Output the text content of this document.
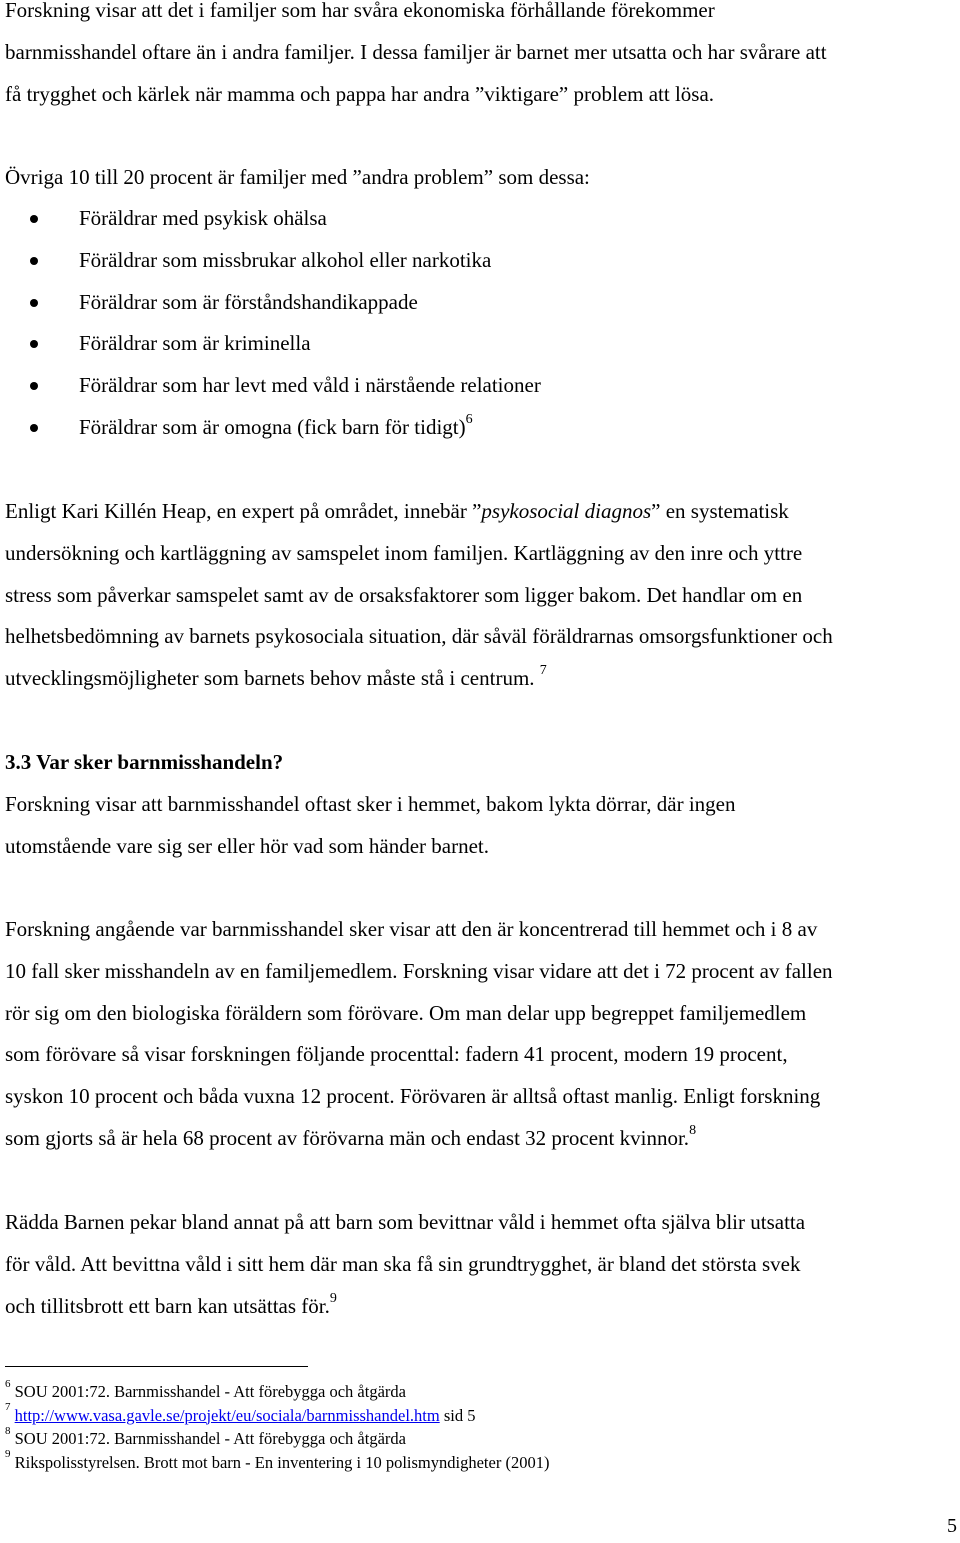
Forskning visar att det i familjer som har svåra ekonomiska förhållande förekommer
barnmisshandel oftare än i andra familjer. I dessa familjer är barnet mer utsatta och har svårare att
få trygghet och kärlek när mamma och pappa har andra ”viktigare” problem att lösa.

Övriga 10 till 20 procent är familjer med ”andra problem” som dessa:

Föräldrar med psykisk ohälsa
Föräldrar som missbrukar alkohol eller narkotika
Föräldrar som är förståndshandikappade
Föräldrar som är kriminella
Föräldrar som har levt med våld i närstående relationer
Föräldrar som är omogna (fick barn för tidigt)$^6$

Enligt Kari Killén Heap, en expert på området, innebär ”psykosocial diagnos” en systematisk
undersökning och kartläggning av samspelet inom familjen. Kartläggning av den inre och yttre
stress som påverkar samspelet samt av de orsaksfaktorer som ligger bakom. Det handlar om en
helhetsbedömning av barnets psykosociala situation, där såväl föräldrarnas omsorgsfunktioner och
utvecklingsmöjligheter som barnets behov måste stå i centrum. $^7$

3.3 Var sker barnmisshandeln?

Forskning visar att barnmisshandel oftast sker i hemmet, bakom lykta dörrar, där ingen
utomstående vare sig ser eller hör vad som händer barnet.

Forskning angående var barnmisshandel sker visar att den är koncentrerad till hemmet och i 8 av
10 fall sker misshandeln av en familjemedlem. Forskning visar vidare att det i 72 procent av fallen
rör sig om den biologiska föräldern som förövare. Om man delar upp begreppet familjemedlem
som förövare så visar forskningen följande procenttal: fadern 41 procent, modern 19 procent,
syskon 10 procent och båda vuxna 12 procent. Förövaren är alltså oftast manlig. Enligt forskning
som gjorts så är hela 68 procent av förövarna män och endast 32 procent kvinnor.$^8$

Rädda Barnen pekar bland annat på att barn som bevittnar våld i hemmet ofta själva blir utsatta
för våld. Att bevittna våld i sitt hem där man ska få sin grundtrygghet, är bland det största svek
och tillitsbrott ett barn kan utsättas för.$^9$

$^6$ SOU 2001:72. Barnmisshandel - Att förebygga och åtgärda
$^7$ http://www.vasa.gavle.se/projekt/eu/sociala/barnmisshandel.htm sid 5
$^8$ SOU 2001:72. Barnmisshandel - Att förebygga och åtgärda
$^9$ Rikspolisstyrelsen. Brott mot barn - En inventering i 10 polismyndigheter (2001)
5
